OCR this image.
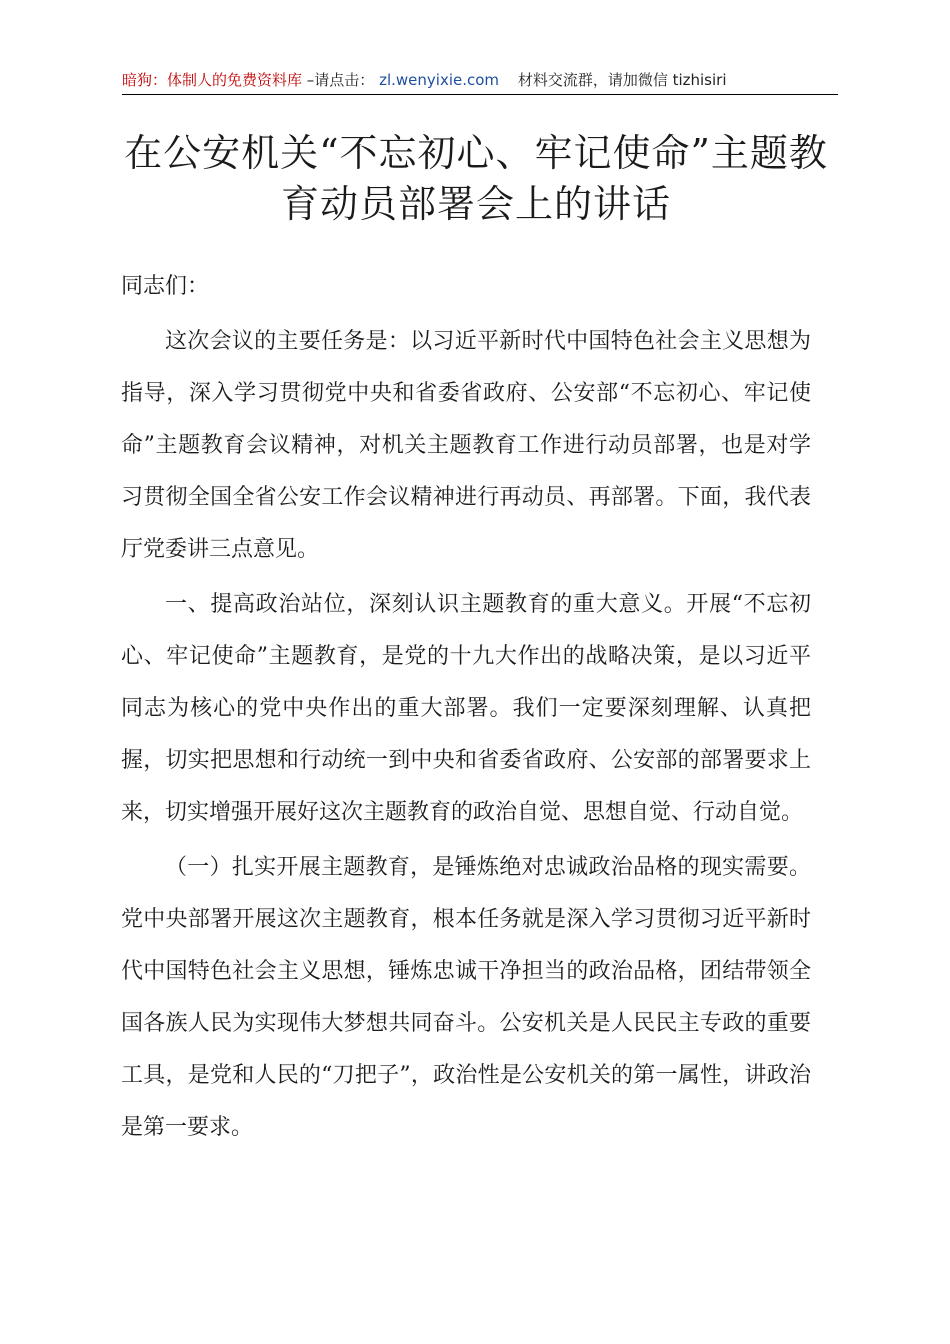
暗狗：体制人的免费资料库 –请点击： zl.wenyixie.com 材料交流群，请加微信 tizhisiri
在公安机关“不忘初心、牢记使命”主题教育动员部署会上的讲话

同志们：

这次会议的主要任务是：以习近平新时代中国特色社会主义思想为指导，深入学习贯彻党中央和省委省政府、公安部“不忘初心、牢记使命”主题教育会议精神，对机关主题教育工作进行动员部署，也是对学习贯彻全国全省公安工作会议精神进行再动员、再部署。下面，我代表厅党委讲三点意见。

一、提高政治站位，深刻认识主题教育的重大意义。开展“不忘初心、牢记使命”主题教育，是党的十九大作出的战略决策，是以习近平同志为核心的党中央作出的重大部署。我们一定要深刻理解、认真把握，切实把思想和行动统一到中央和省委省政府、公安部的部署要求上来，切实增强开展好这次主题教育的政治自觉、思想自觉、行动自觉。

（一）扎实开展主题教育，是锤炼绝对忠诚政治品格的现实需要。党中央部署开展这次主题教育，根本任务就是深入学习贯彻习近平新时代中国特色社会主义思想，锤炼忠诚干净担当的政治品格，团结带领全国各族人民为实现伟大梦想共同奋斗。公安机关是人民民主专政的重要工具，是党和人民的“刀把子”，政治性是公安机关的第一属性，讲政治是第一要求。
